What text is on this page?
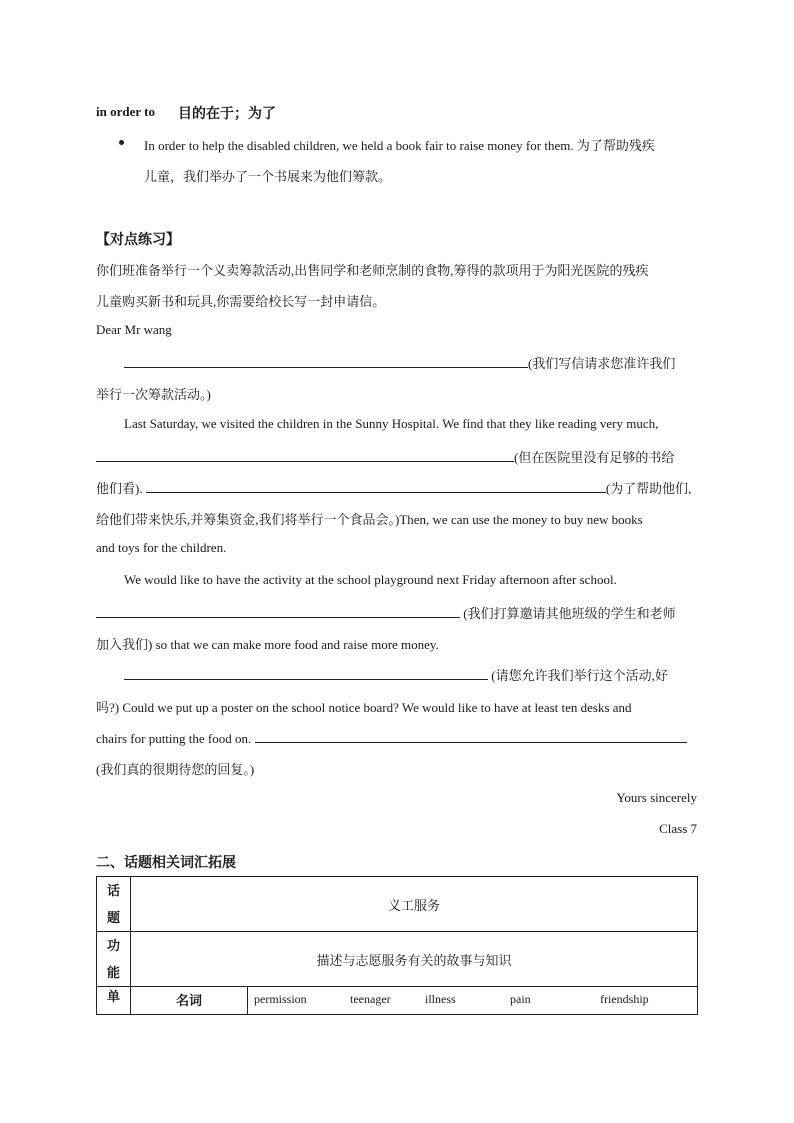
in order to 目的在于；为了
In order to help the disabled children, we held a book fair to raise money for them. 为了帮助残疾
儿童，我们举办了一个书展来为他们筹款。
【对点练习】
你们班准备举行一个义卖筹款活动,出售同学和老师烹制的食物,筹得的款项用于为阳光医院的残疾
儿童购买新书和玩具,你需要给校长写一封申请信。
Dear Mr wang
(我们写信请求您准许我们
举行一次筹款活动。)
Last Saturday, we visited the children in the Sunny Hospital. We find that they like reading very much,
(但在医院里没有足够的书给
他们看).	(为了帮助他们,
给他们带来快乐,并筹集资金,我们将举行一个食品会。)Then, we can use the money to buy new books
and toys for the children.
We would like to have the activity at the school playground next Friday afternoon after school.
(我们打算邀请其他班级的学生和老师
加入我们) so that we can make more food and raise more money.
(请您允许我们举行这个活动,好
吗?) Could we put up a poster on the school notice board? We would like to have at least ten desks and
chairs for putting the food on.
(我们真的很期待您的回复。)
Yours sincerely
Class 7
二、话题相关词汇拓展
话
题	义工服务	

功
能	描述与志愿服务有关的故事与知识	
单	名词	permission teenager illness pain friendship
